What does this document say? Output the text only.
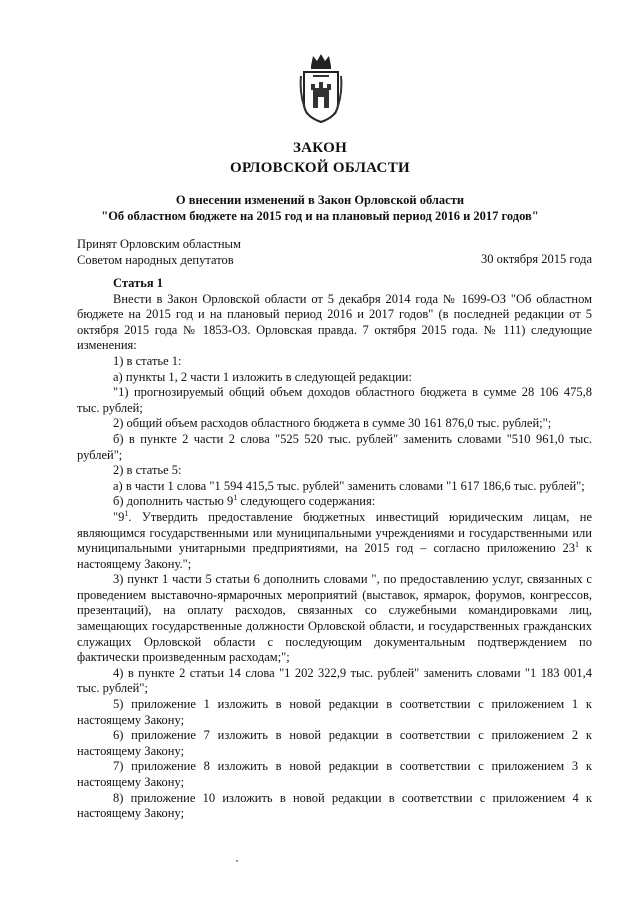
ЗАКОН
ОРЛОВСКОЙ ОБЛАСТИ
О внесении изменений в Закон Орловской области
"Об областном бюджете на 2015 год и на плановый период 2016 и 2017 годов"
Принят Орловским областным
Советом народных депутатов	30 октября 2015 года

Статья 1

Внести в Закон Орловской области от 5 декабря 2014 года № 1699-ОЗ "Об областном бюджете на 2015 год и на плановый период 2016 и 2017 годов" (в последней редакции от 5 октября 2015 года № 1853-ОЗ. Орловская правда. 7 октября 2015 года. № 111) следующие изменения:

1) в статье 1:

а) пункты 1, 2 части 1 изложить в следующей редакции:

"1) прогнозируемый общий объем доходов областного бюджета в сумме 28 106 475,8 тыс. рублей;

2) общий объем расходов областного бюджета в сумме 30 161 876,0 тыс. рублей;";

б) в пункте 2 части 2 слова "525 520 тыс. рублей" заменить словами "510 961,0 тыс. рублей";

2) в статье 5:

а) в части 1 слова "1 594 415,5 тыс. рублей" заменить словами "1 617 186,6 тыс. рублей";

б) дополнить частью $9^1$ следующего содержания:

"$9^1$. Утвердить предоставление бюджетных инвестиций юридическим лицам, не являющимся государственными или муниципальными учреждениями и государственными или муниципальными унитарными предприятиями, на 2015 год – согласно приложению $23^1$ к настоящему Закону.";

3) пункт 1 части 5 статьи 6 дополнить словами ", по предоставлению услуг, связанных с проведением выставочно-ярмарочных мероприятий (выставок, ярмарок, форумов, конгрессов, презентаций), на оплату расходов, связанных со служебными командировками лиц, замещающих государственные должности Орловской области, и государственных гражданских служащих Орловской области с последующим документальным подтверждением по фактически произведенным расходам;";

4) в пункте 2 статьи 14 слова "1 202 322,9 тыс. рублей" заменить словами "1 183 001,4 тыс. рублей";

5) приложение 1 изложить в новой редакции в соответствии с приложением 1 к настоящему Закону;

6) приложение 7 изложить в новой редакции в соответствии с приложением 2 к настоящему Закону;

7) приложение 8 изложить в новой редакции в соответствии с приложением 3 к настоящему Закону;

8) приложение 10 изложить в новой редакции в соответствии с приложением 4 к настоящему Закону;
